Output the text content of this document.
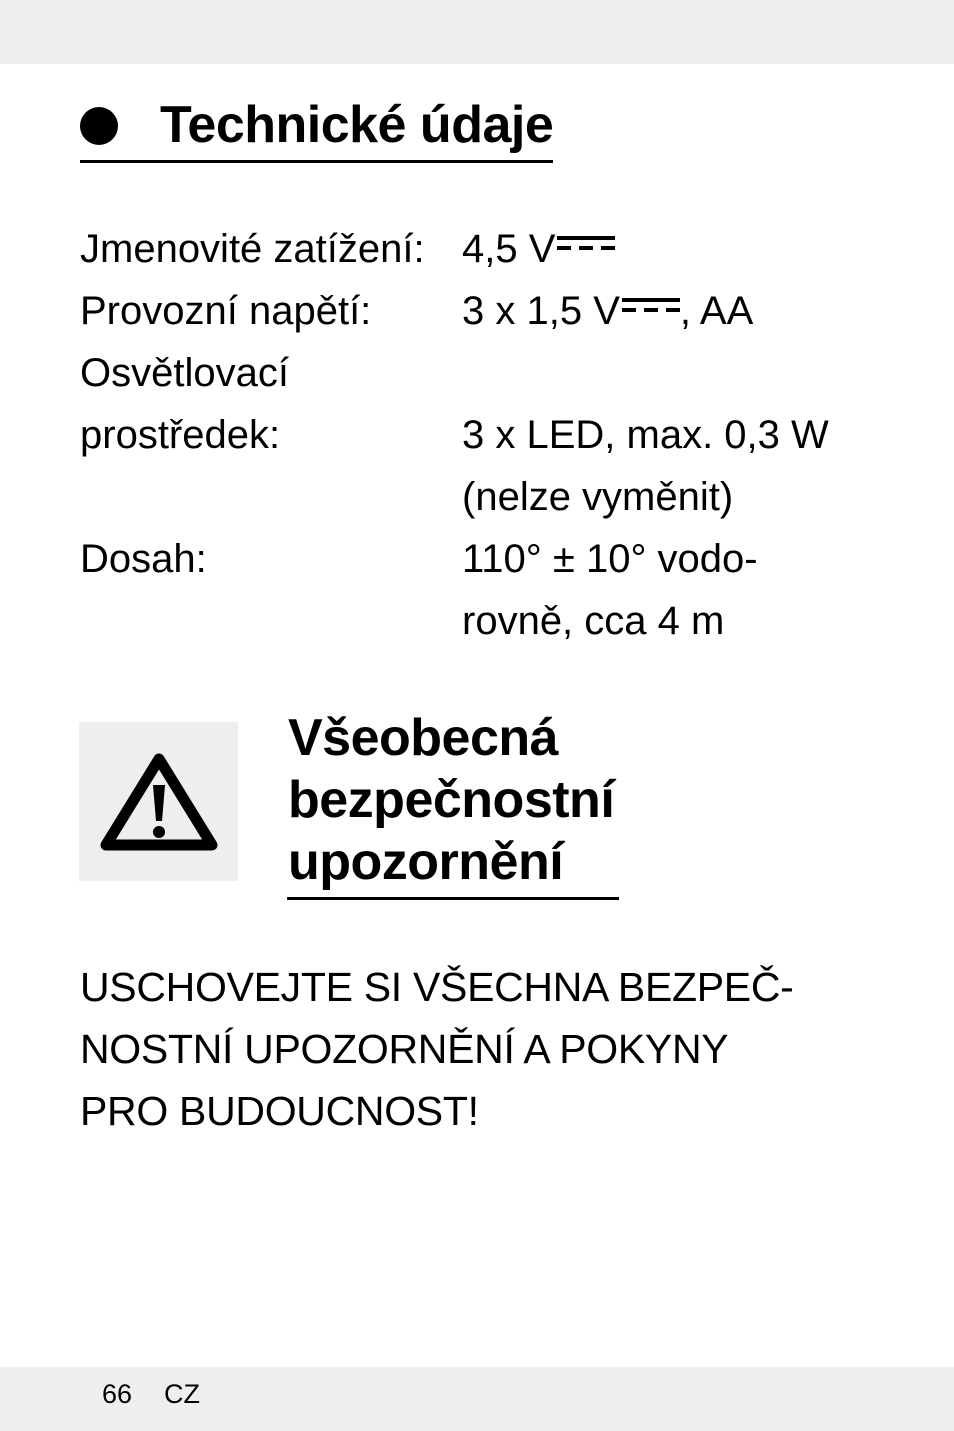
Technické údaje
Jmenovité zatížení: 4,5 V
Provozní napětí:	3 x 1,5 V , AA
Osvětlovací
prostředek:	3 x LED, max. 0,3 W
(nelze vyměnit)
Dosah:	110° ± 10° vodo-
rovně, cca 4 m
Všeobecná
bezpečnostní
upozornění
USCHOVEJTE SI VŠECHNA BEZPEČ-
NOSTNÍ UPOZORNĚNÍ A POKYNY
PRO BUDOUCNOST!
66 CZ
